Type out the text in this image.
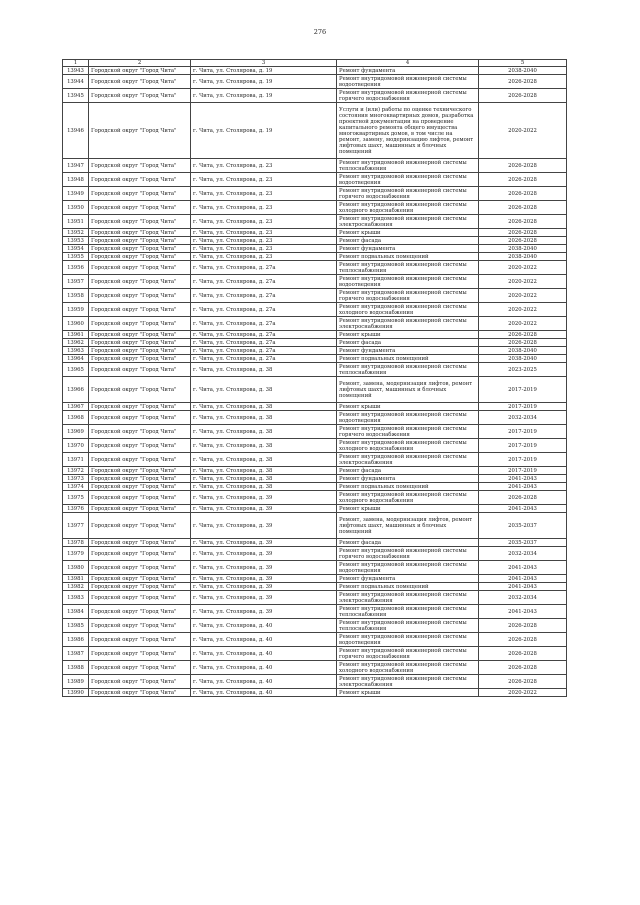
276
1	2	3	4	5
13943	Городской округ "Город Чита"	г. Чита, ул. Столярова, д. 19	Ремонт фундамента	2038-2040
13944	Городской округ "Город Чита"	г. Чита, ул. Столярова, д. 19	Ремонт внутридомовой инженерной системы водоотведения	2026-2028
13945	Городской округ "Город Чита"	г. Чита, ул. Столярова, д. 19	Ремонт внутридомовой инженерной системы горячего водоснабжения	2026-2028
13946	Городской округ "Город Чита"	г. Чита, ул. Столярова, д. 19	Услуги и (или) работы по оценке технического состояния многоквартирных домов, разработка проектной документации на проведение капитального ремонта общего имущества многоквартирных домов, в том числе на ремонт, замену, модернизацию лифтов, ремонт лифтовых шахт, машинных и блочных помещений	2020-2022
13947	Городской округ "Город Чита"	г. Чита, ул. Столярова, д. 23	Ремонт внутридомовой инженерной системы теплоснабжения	2026-2028
13948	Городской округ "Город Чита"	г. Чита, ул. Столярова, д. 23	Ремонт внутридомовой инженерной системы водоотведения	2026-2028
13949	Городской округ "Город Чита"	г. Чита, ул. Столярова, д. 23	Ремонт внутридомовой инженерной системы горячего водоснабжения	2026-2028
13950	Городской округ "Город Чита"	г. Чита, ул. Столярова, д. 23	Ремонт внутридомовой инженерной системы холодного водоснабжения	2026-2028
13951	Городской округ "Город Чита"	г. Чита, ул. Столярова, д. 23	Ремонт внутридомовой инженерной системы электроснабжения	2026-2028
13952	Городской округ "Город Чита"	г. Чита, ул. Столярова, д. 23	Ремонт крыши	2026-2028
13953	Городской округ "Город Чита"	г. Чита, ул. Столярова, д. 23	Ремонт фасада	2026-2028
13954	Городской округ "Город Чита"	г. Чита, ул. Столярова, д. 23	Ремонт фундамента	2038-2040
13955	Городской округ "Город Чита"	г. Чита, ул. Столярова, д. 23	Ремонт подвальных помещений	2038-2040
13956	Городской округ "Город Чита"	г. Чита, ул. Столярова, д. 27а	Ремонт внутридомовой инженерной системы теплоснабжения	2020-2022
13957	Городской округ "Город Чита"	г. Чита, ул. Столярова, д. 27а	Ремонт внутридомовой инженерной системы водоотведения	2020-2022
13958	Городской округ "Город Чита"	г. Чита, ул. Столярова, д. 27а	Ремонт внутридомовой инженерной системы горячего водоснабжения	2020-2022
13959	Городской округ "Город Чита"	г. Чита, ул. Столярова, д. 27а	Ремонт внутридомовой инженерной системы холодного водоснабжения	2020-2022
13960	Городской округ "Город Чита"	г. Чита, ул. Столярова, д. 27а	Ремонт внутридомовой инженерной системы электроснабжения	2020-2022
13961	Городской округ "Город Чита"	г. Чита, ул. Столярова, д. 27а	Ремонт крыши	2026-2028
13962	Городской округ "Город Чита"	г. Чита, ул. Столярова, д. 27а	Ремонт фасада	2026-2028
13963	Городской округ "Город Чита"	г. Чита, ул. Столярова, д. 27а	Ремонт фундамента	2038-2040
13964	Городской округ "Город Чита"	г. Чита, ул. Столярова, д. 27а	Ремонт подвальных помещений	2038-2040
13965	Городской округ "Город Чита"	г. Чита, ул. Столярова, д. 38	Ремонт внутридомовой инженерной системы теплоснабжения	2023-2025
13966	Городской округ "Город Чита"	г. Чита, ул. Столярова, д. 38	Ремонт, замена, модернизация лифтов, ремонт лифтовых шахт, машинных и блочных помещений	2017-2019
13967	Городской округ "Город Чита"	г. Чита, ул. Столярова, д. 38	Ремонт крыши	2017-2019
13968	Городской округ "Город Чита"	г. Чита, ул. Столярова, д. 38	Ремонт внутридомовой инженерной системы водоотведения	2032-2034
13969	Городской округ "Город Чита"	г. Чита, ул. Столярова, д. 38	Ремонт внутридомовой инженерной системы горячего водоснабжения	2017-2019
13970	Городской округ "Город Чита"	г. Чита, ул. Столярова, д. 38	Ремонт внутридомовой инженерной системы холодного водоснабжения	2017-2019
13971	Городской округ "Город Чита"	г. Чита, ул. Столярова, д. 38	Ремонт внутридомовой инженерной системы электроснабжения	2017-2019
13972	Городской округ "Город Чита"	г. Чита, ул. Столярова, д. 38	Ремонт фасада	2017-2019
13973	Городской округ "Город Чита"	г. Чита, ул. Столярова, д. 38	Ремонт фундамента	2041-2043
13974	Городской округ "Город Чита"	г. Чита, ул. Столярова, д. 38	Ремонт подвальных помещений	2041-2043
13975	Городской округ "Город Чита"	г. Чита, ул. Столярова, д. 39	Ремонт внутридомовой инженерной системы холодного водоснабжения	2026-2028
13976	Городской округ "Город Чита"	г. Чита, ул. Столярова, д. 39	Ремонт крыши	2041-2043
13977	Городской округ "Город Чита"	г. Чита, ул. Столярова, д. 39	Ремонт, замена, модернизация лифтов, ремонт лифтовых шахт, машинных и блочных помещений	2035-2037
13978	Городской округ "Город Чита"	г. Чита, ул. Столярова, д. 39	Ремонт фасада	2035-2037
13979	Городской округ "Город Чита"	г. Чита, ул. Столярова, д. 39	Ремонт внутридомовой инженерной системы горячего водоснабжения	2032-2034
13980	Городской округ "Город Чита"	г. Чита, ул. Столярова, д. 39	Ремонт внутридомовой инженерной системы водоотведения	2041-2043
13981	Городской округ "Город Чита"	г. Чита, ул. Столярова, д. 39	Ремонт фундамента	2041-2043
13982	Городской округ "Город Чита"	г. Чита, ул. Столярова, д. 39	Ремонт подвальных помещений	2041-2043
13983	Городской округ "Город Чита"	г. Чита, ул. Столярова, д. 39	Ремонт внутридомовой инженерной системы электроснабжения	2032-2034
13984	Городской округ "Город Чита"	г. Чита, ул. Столярова, д. 39	Ремонт внутридомовой инженерной системы теплоснабжения	2041-2043
13985	Городской округ "Город Чита"	г. Чита, ул. Столярова, д. 40	Ремонт внутридомовой инженерной системы теплоснабжения	2026-2028
13986	Городской округ "Город Чита"	г. Чита, ул. Столярова, д. 40	Ремонт внутридомовой инженерной системы водоотведения	2026-2028
13987	Городской округ "Город Чита"	г. Чита, ул. Столярова, д. 40	Ремонт внутридомовой инженерной системы горячего водоснабжения	2026-2028
13988	Городской округ "Город Чита"	г. Чита, ул. Столярова, д. 40	Ремонт внутридомовой инженерной системы холодного водоснабжения	2026-2028
13989	Городской округ "Город Чита"	г. Чита, ул. Столярова, д. 40	Ремонт внутридомовой инженерной системы электроснабжения	2026-2028
13990	Городской округ "Город Чита"	г. Чита, ул. Столярова, д. 40	Ремонт крыши	2020-2022
